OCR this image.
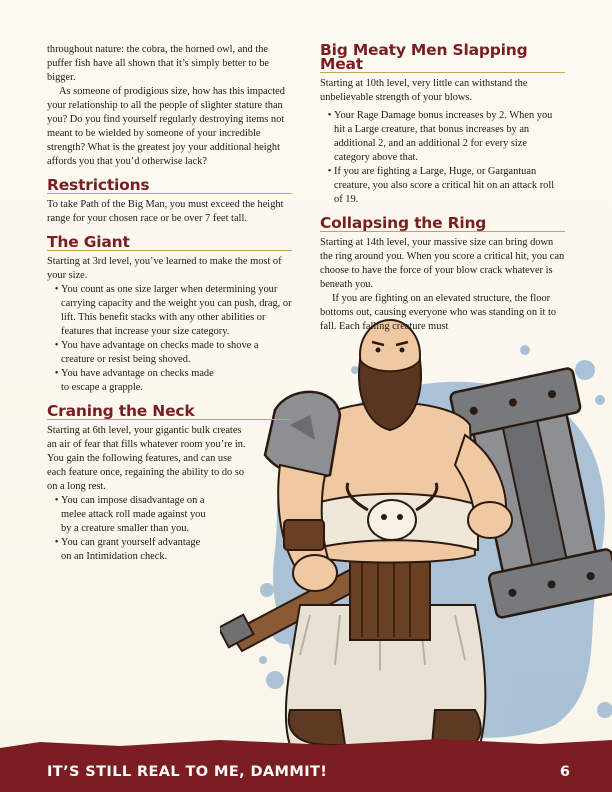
throughout nature: the cobra, the horned owl, and the puffer fish have all shown that it’s simply better to be bigger.

As someone of prodigious size, how has this impacted your relationship to all the people of slighter stature than you? Do you find yourself regularly destroying items not meant to be wielded by someone of your incredible strength? What is the greatest joy your additional height affords you that you’d otherwise lack?

Restrictions

To take Path of the Big Man, you must exceed the height range for your chosen race or be over 7 feet tall.

The Giant

Starting at 3rd level, you’ve learned to make the most of your size.

• You count as one size larger when determining your carrying capacity and the weight you can push, drag, or lift. This benefit stacks with any other abilities or features that increase your size category.
• You have advantage on checks made to shove a creature or resist being shoved.
• You have advantage on checks made to escape a grapple.
Craning the Neck

Starting at 6th level, your gigantic bulk creates an air of fear that fills whatever room you’re in. You gain the following features, and can use each feature once, regaining the ability to do so on a long rest.

• You can impose disadvantage on a melee attack roll made against you by a creature smaller than you.
• You can grant yourself advantage on an Intimidation check.
Big Meaty Men Slapping Meat

Starting at 10th level, very little can withstand the unbelievable strength of your blows.

• Your Rage Damage bonus increases by 2. When you hit a Large creature, that bonus increases by an additional 2, and an additional 2 for every size category above that.
• If you are fighting a Large, Huge, or Gargantuan creature, you also score a critical hit on an attack roll of 19.
Collapsing the Ring

Starting at 14th level, your massive size can bring down the ring around you. When you score a critical hit, you can choose to have the force of your blow crack whatever is beneath you.

If you are fighting on an elevated structure, the floor bottoms out, causing everyone who was standing on it to fall. Each falling creature must

IT’S STILL REAL TO ME, DAMMIT!	6
